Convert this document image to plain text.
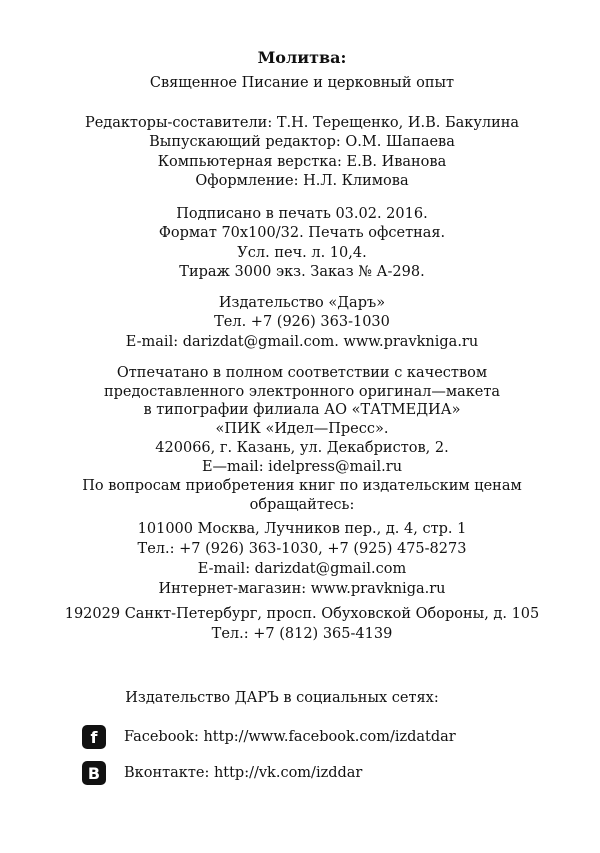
Молитва:
Священное Писание и церковный опыт
Редакторы-составители: Т.Н. Терещенко, И.В. Бакулина
Выпускающий редактор: О.М. Шапаева
Компьютерная верстка: Е.В. Иванова
Оформление: Н.Л. Климова
Подписано в печать 03.02. 2016.
Формат 70x100/32. Печать офсетная.
Усл. печ. л. 10,4.
Тираж 3000 экз. Заказ № А-298.
Издательство «Даръ»
Тел. +7 (926) 363-1030
E-mail: darizdat@gmail.com. www.pravkniga.ru
Отпечатано в полном соответствии с качеством
предоставленного электронного оригинал—макета
в типографии филиала АО «ТАТМЕДИА»
«ПИК «Идел—Пресс».
420066, г. Казань, ул. Декабристов, 2.
E—mail: idelpress@mail.ru
По вопросам приобретения книг по издательским ценам
обращайтесь:
101000 Москва, Лучников пер., д. 4, стр. 1
Тел.: +7 (926) 363-1030, +7 (925) 475-8273
E-mail: darizdat@gmail.com
Интернет-магазин: www.pravkniga.ru
192029 Санкт-Петербург, просп. Обуховской Обороны, д. 105
Тел.: +7 (812) 365-4139
Издательство ДАРЪ в социальных сетях:
f	Facebook: http://www.facebook.com/izdatdar
B	Вконтакте: http://vk.com/izddar
